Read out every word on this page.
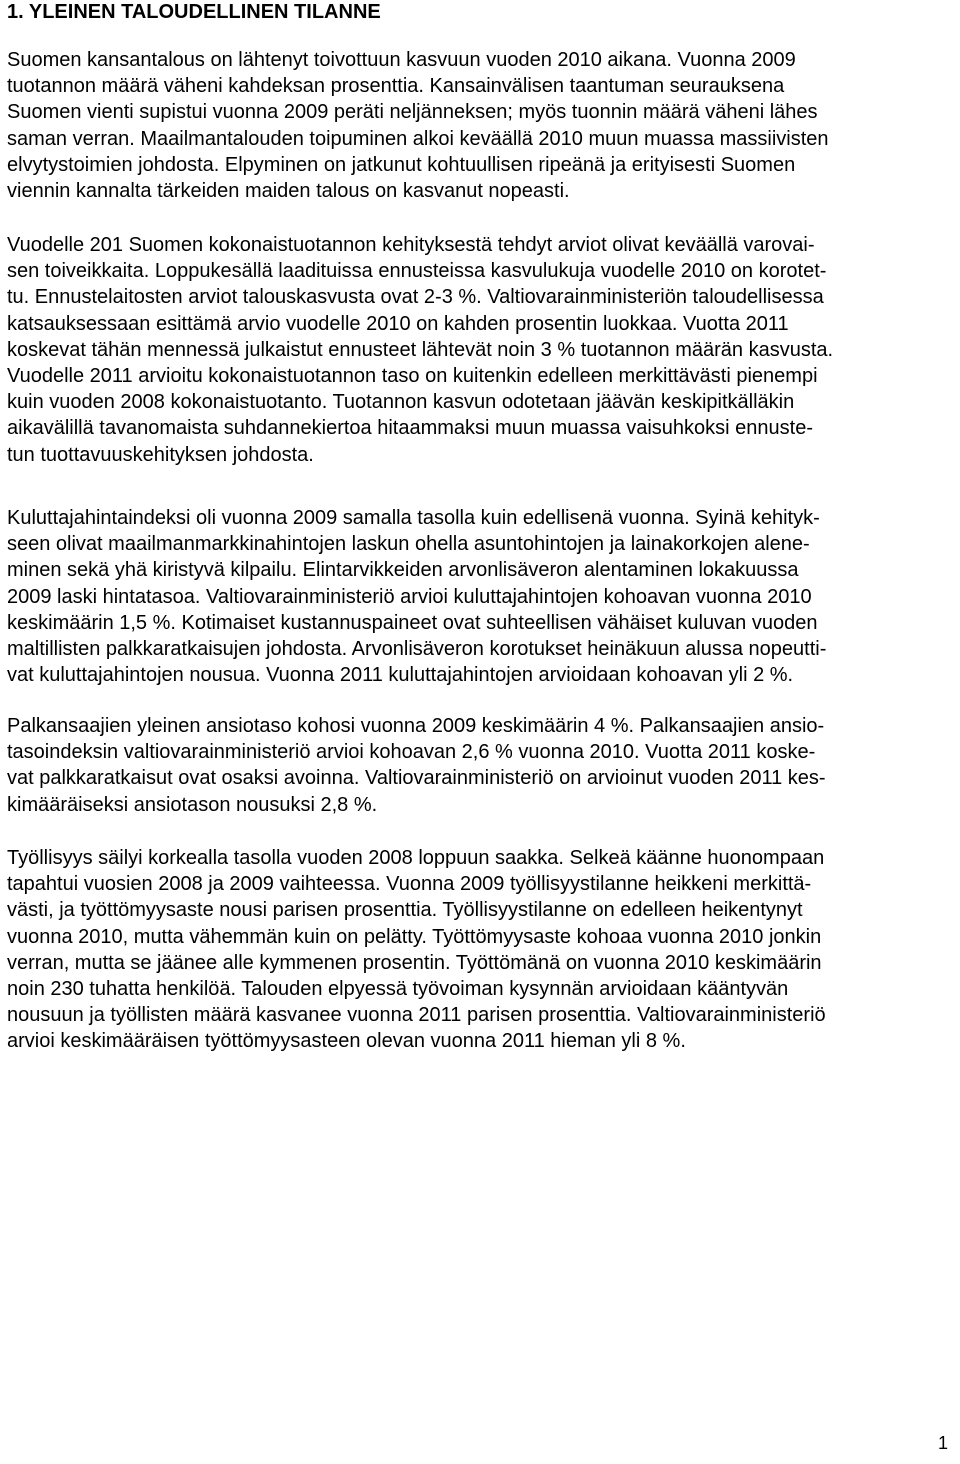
1. YLEINEN TALOUDELLINEN TILANNE
Suomen kansantalous on lähtenyt toivottuun kasvuun vuoden 2010 aikana. Vuonna 2009
tuotannon määrä väheni kahdeksan prosenttia. Kansainvälisen taantuman seurauksena
Suomen vienti supistui vuonna 2009 peräti neljänneksen; myös tuonnin määrä väheni lähes
saman verran. Maailmantalouden toipuminen alkoi keväällä 2010 muun muassa massiivisten
elvytystoimien johdosta. Elpyminen on jatkunut kohtuullisen ripeänä ja erityisesti Suomen
viennin kannalta tärkeiden maiden talous on kasvanut nopeasti.
Vuodelle 201 Suomen kokonaistuotannon kehityksestä tehdyt arviot olivat keväällä varovai-
sen toiveikkaita. Loppukesällä laadituissa ennusteissa kasvulukuja vuodelle 2010 on korotet-
tu. Ennustelaitosten arviot talouskasvusta ovat 2-3 %. Valtiovarainministeriön taloudellisessa
katsauksessaan esittämä arvio vuodelle 2010 on kahden prosentin luokkaa. Vuotta 2011
koskevat tähän mennessä julkaistut ennusteet lähtevät noin 3 % tuotannon määrän kasvusta.
Vuodelle 2011 arvioitu kokonaistuotannon taso on kuitenkin edelleen merkittävästi pienempi
kuin vuoden 2008 kokonaistuotanto. Tuotannon kasvun odotetaan jäävän keskipitkälläkin
aikavälillä tavanomaista suhdannekiertoa hitaammaksi muun muassa vaisuhkoksi ennuste-
tun tuottavuuskehityksen johdosta.
Kuluttajahintaindeksi oli vuonna 2009 samalla tasolla kuin edellisenä vuonna. Syinä kehityk-
seen olivat maailmanmarkkinahintojen laskun ohella asuntohintojen ja lainakorkojen alene-
minen sekä yhä kiristyvä kilpailu. Elintarvikkeiden arvonlisäveron alentaminen lokakuussa
2009 laski hintatasoa. Valtiovarainministeriö arvioi kuluttajahintojen kohoavan vuonna 2010
keskimäärin 1,5 %. Kotimaiset kustannuspaineet ovat suhteellisen vähäiset kuluvan vuoden
maltillisten palkkaratkaisujen johdosta. Arvonlisäveron korotukset heinäkuun alussa nopeutti-
vat kuluttajahintojen nousua. Vuonna 2011 kuluttajahintojen arvioidaan kohoavan yli 2 %.
Palkansaajien yleinen ansiotaso kohosi vuonna 2009 keskimäärin 4 %. Palkansaajien ansio-
tasoindeksin valtiovarainministeriö arvioi kohoavan 2,6 % vuonna 2010. Vuotta 2011 koske-
vat palkkaratkaisut ovat osaksi avoinna. Valtiovarainministeriö on arvioinut vuoden 2011 kes-
kimääräiseksi ansiotason nousuksi 2,8 %.
Työllisyys säilyi korkealla tasolla vuoden 2008 loppuun saakka. Selkeä käänne huonompaan
tapahtui vuosien 2008 ja 2009 vaihteessa. Vuonna 2009 työllisyystilanne heikkeni merkittä-
västi, ja työttömyysaste nousi parisen prosenttia. Työllisyystilanne on edelleen heikentynyt
vuonna 2010, mutta vähemmän kuin on pelätty. Työttömyysaste kohoaa vuonna 2010 jonkin
verran, mutta se jäänee alle kymmenen prosentin. Työttömänä on vuonna 2010 keskimäärin
noin 230 tuhatta henkilöä. Talouden elpyessä työvoiman kysynnän arvioidaan kääntyvän
nousuun ja työllisten määrä kasvanee vuonna 2011 parisen prosenttia. Valtiovarainministeriö
arvioi keskimääräisen työttömyysasteen olevan vuonna 2011 hieman yli 8 %.

1
